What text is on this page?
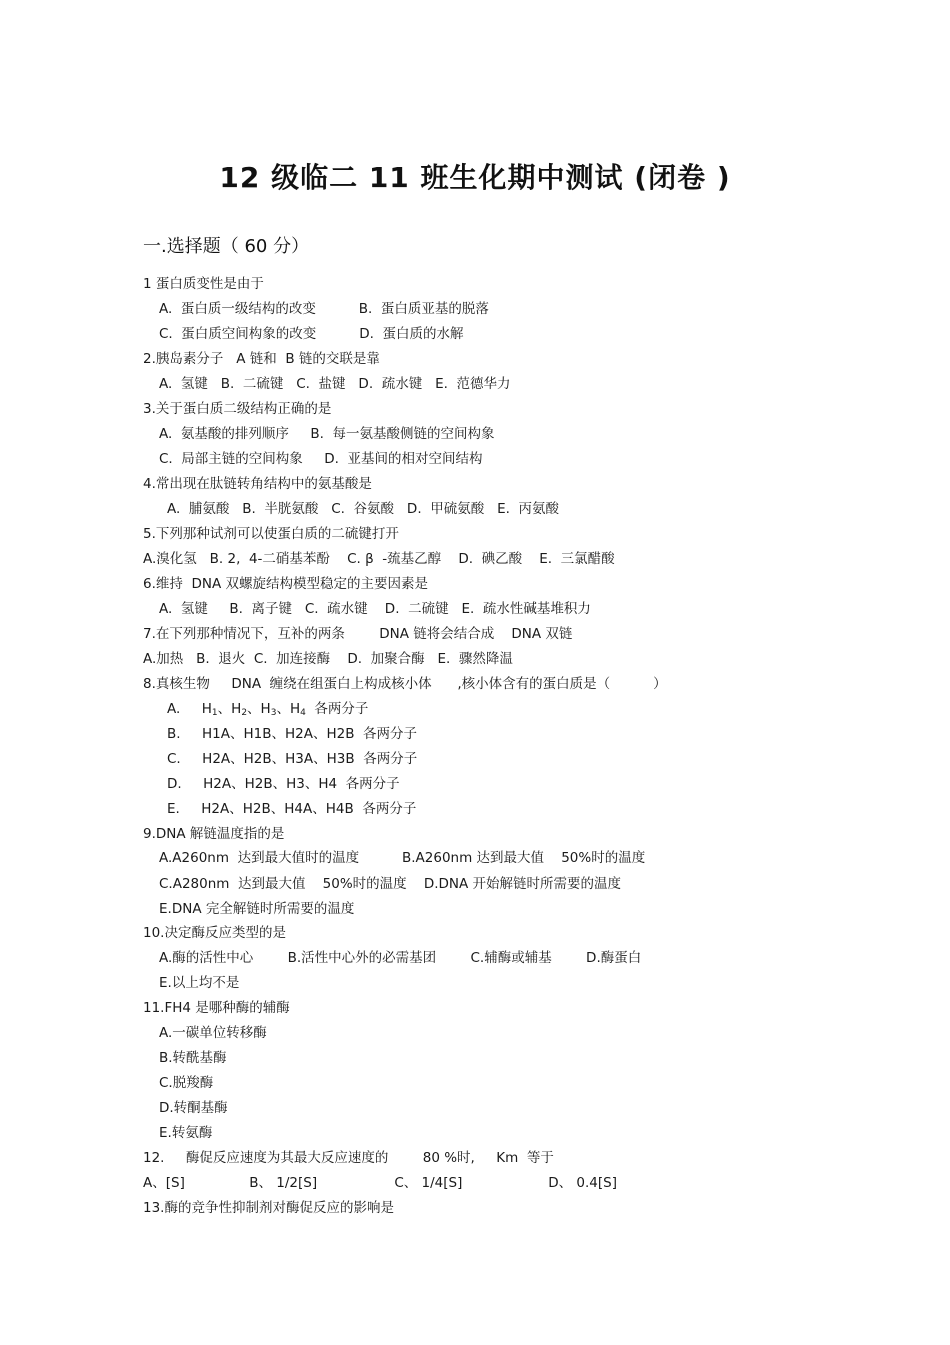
12 级临二 11 班生化期中测试 (闭卷 )
一.选择题（ 60 分）
1 蛋白质变性是由于
A.  蛋白质一级结构的改变          B.  蛋白质亚基的脱落
C.  蛋白质空间构象的改变          D.  蛋白质的水解
2.胰岛素分子   A 链和  B 链的交联是靠
A.  氢键   B.  二硫键   C.  盐键   D.  疏水键   E.  范德华力
3.关于蛋白质二级结构正确的是
A.  氨基酸的排列顺序     B.  每一氨基酸侧链的空间构象
C.  局部主链的空间构象     D.  亚基间的相对空间结构
4.常出现在肽链转角结构中的氨基酸是
A.  脯氨酸   B.  半胱氨酸   C.  谷氨酸   D.  甲硫氨酸   E.  丙氨酸
5.下列那种试剂可以使蛋白质的二硫键打开
A.溴化氢   B. 2,  4-二硝基苯酚    C. β  -巯基乙醇    D.  碘乙酸    E.  三氯醋酸
6.维持  DNA 双螺旋结构模型稳定的主要因素是
A.  氢键     B.  离子键   C.  疏水键    D.  二硫键   E.  疏水性碱基堆积力
7.在下列那种情况下，互补的两条        DNA 链将会结合成    DNA 双链
A.加热   B.  退火  C.  加连接酶    D.  加聚合酶   E.  骤然降温
8.真核生物     DNA  缠绕在组蛋白上构成核小体      ,核小体含有的蛋白质是（          ）
A. $H_1$、$H_2$、$H_3$、$H_4$  各两分子
B.     H1A、H1B、H2A、H2B  各两分子
C.     H2A、H2B、H3A、H3B  各两分子
D.     H2A、H2B、H3、H4  各两分子
E.     H2A、H2B、H4A、H4B  各两分子
9.DNA 解链温度指的是
A.A260nm  达到最大值时的温度          B.A260nm 达到最大值    50%时的温度
C.A280nm  达到最大值    50%时的温度    D.DNA 开始解链时所需要的温度
E.DNA 完全解链时所需要的温度
10.决定酶反应类型的是
A.酶的活性中心        B.活性中心外的必需基团        C.辅酶或辅基        D.酶蛋白
E.以上均不是
11.FH4 是哪种酶的辅酶
A.一碳单位转移酶
B.转酰基酶
C.脱羧酶
D.转酮基酶
E.转氨酶
12.     酶促反应速度为其最大反应速度的        80 %时,     Km  等于
A、[S]               B、 1/2[S]                  C、 1/4[S]                    D、 0.4[S]
13.酶的竞争性抑制剂对酶促反应的影响是
